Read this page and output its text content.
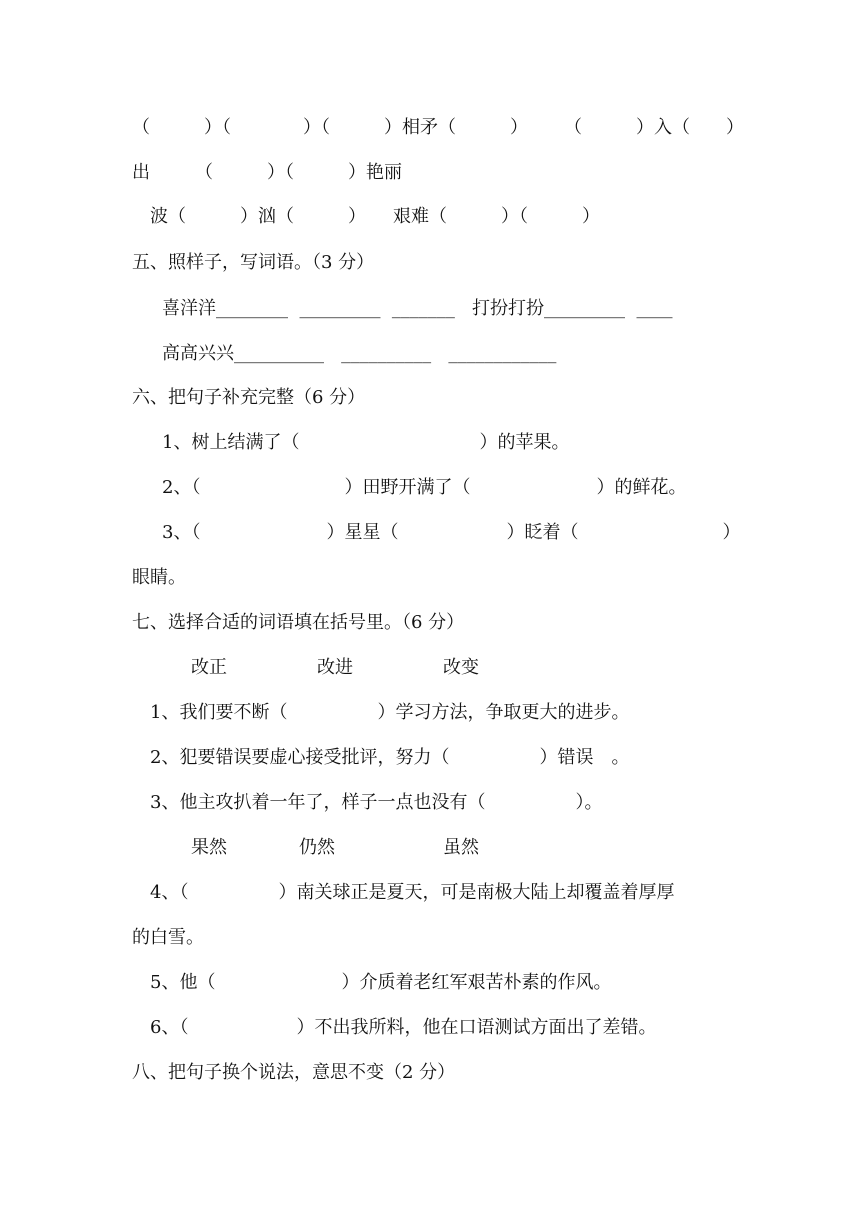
（　　　）（　　　　）（　　　）相矛（　　　）　　　（　　　）入（　　）
出　　　（　　　）（　　　）艳丽
波（　　　）汹（　　　）　　艰难（　　　）（　　　）
五、照样子，写词语。（3 分）
喜洋洋________  _________  _______   打扮打扮_________  ____
高高兴兴__________   __________   ____________
六、把句子补充完整（6 分）
1、树上结满了（　　　　　　　　　　）的苹果。
2、（　　　　　　　　）田野开满了（　　　　　　　）的鲜花。
3、（　　　　　　　）星星（　　　　　　）眨着（　　　　　　　　）
眼睛。
七、选择合适的词语填在括号里。（6 分）
改正　　　　　改进　　　　　改变
1、我们要不断（　　　　　）学习方法，争取更大的进步。
2、犯要错误要虚心接受批评，努力（　　　　　）错误　。
3、他主攻扒着一年了，样子一点也没有（　　　　　）。
果然　　　　仍然　　　　　　虽然
4、（　　　　　）南关球正是夏天，可是南极大陆上却覆盖着厚厚
的白雪。
5、他（　　　　　　　）介质着老红军艰苦朴素的作风。
6、（　　　　　　）不出我所料，他在口语测试方面出了差错。
八、把句子换个说法，意思不变（2 分）
